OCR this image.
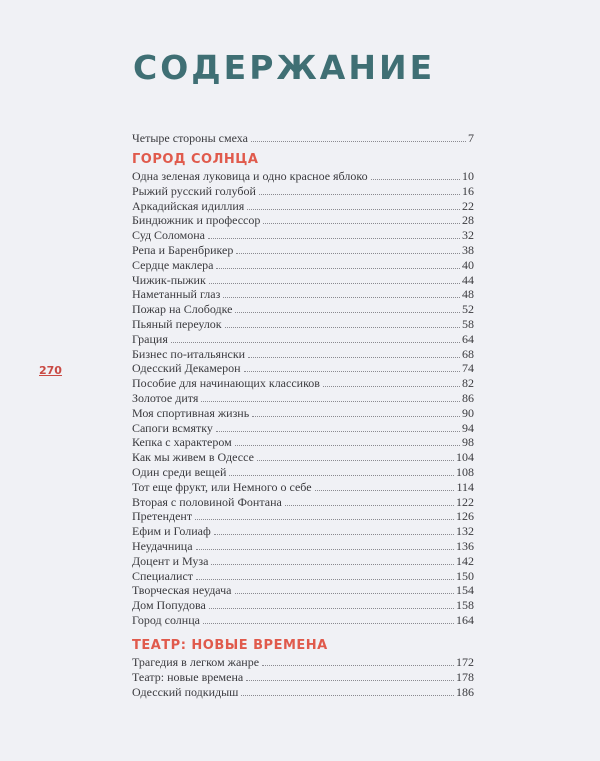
СОДЕРЖАНИЕ
270
Четыре стороны смеха	7
ГОРОД СОЛНЦА
Одна зеленая луковица и одно красное яблоко	10
Рыжий русский голубой	16
Аркадийская идиллия	22
Биндюжник и профессор	28
Суд Соломона	32
Репа и Баренбрикер	38
Сердце маклера	40
Чижик-пыжик	44
Наметанный глаз	48
Пожар на Слободке	52
Пьяный переулок	58
Грация	64
Бизнес по-итальянски	68
Одесский Декамерон	74
Пособие для начинающих классиков	82
Золотое дитя	86
Моя спортивная жизнь	90
Сапоги всмятку	94
Кепка с характером	98
Как мы живем в Одессе	104
Один среди вещей	108
Тот еще фрукт, или Немного о себе	114
Вторая с половиной Фонтана	122
Претендент	126
Ефим и Голиаф	132
Неудачница	136
Доцент и Муза	142
Специалист	150
Творческая неудача	154
Дом Попудова	158
Город солнца	164
ТЕАТР: НОВЫЕ ВРЕМЕНА
Трагедия в легком жанре	172
Театр: новые времена	178
Одесский подкидыш	186
